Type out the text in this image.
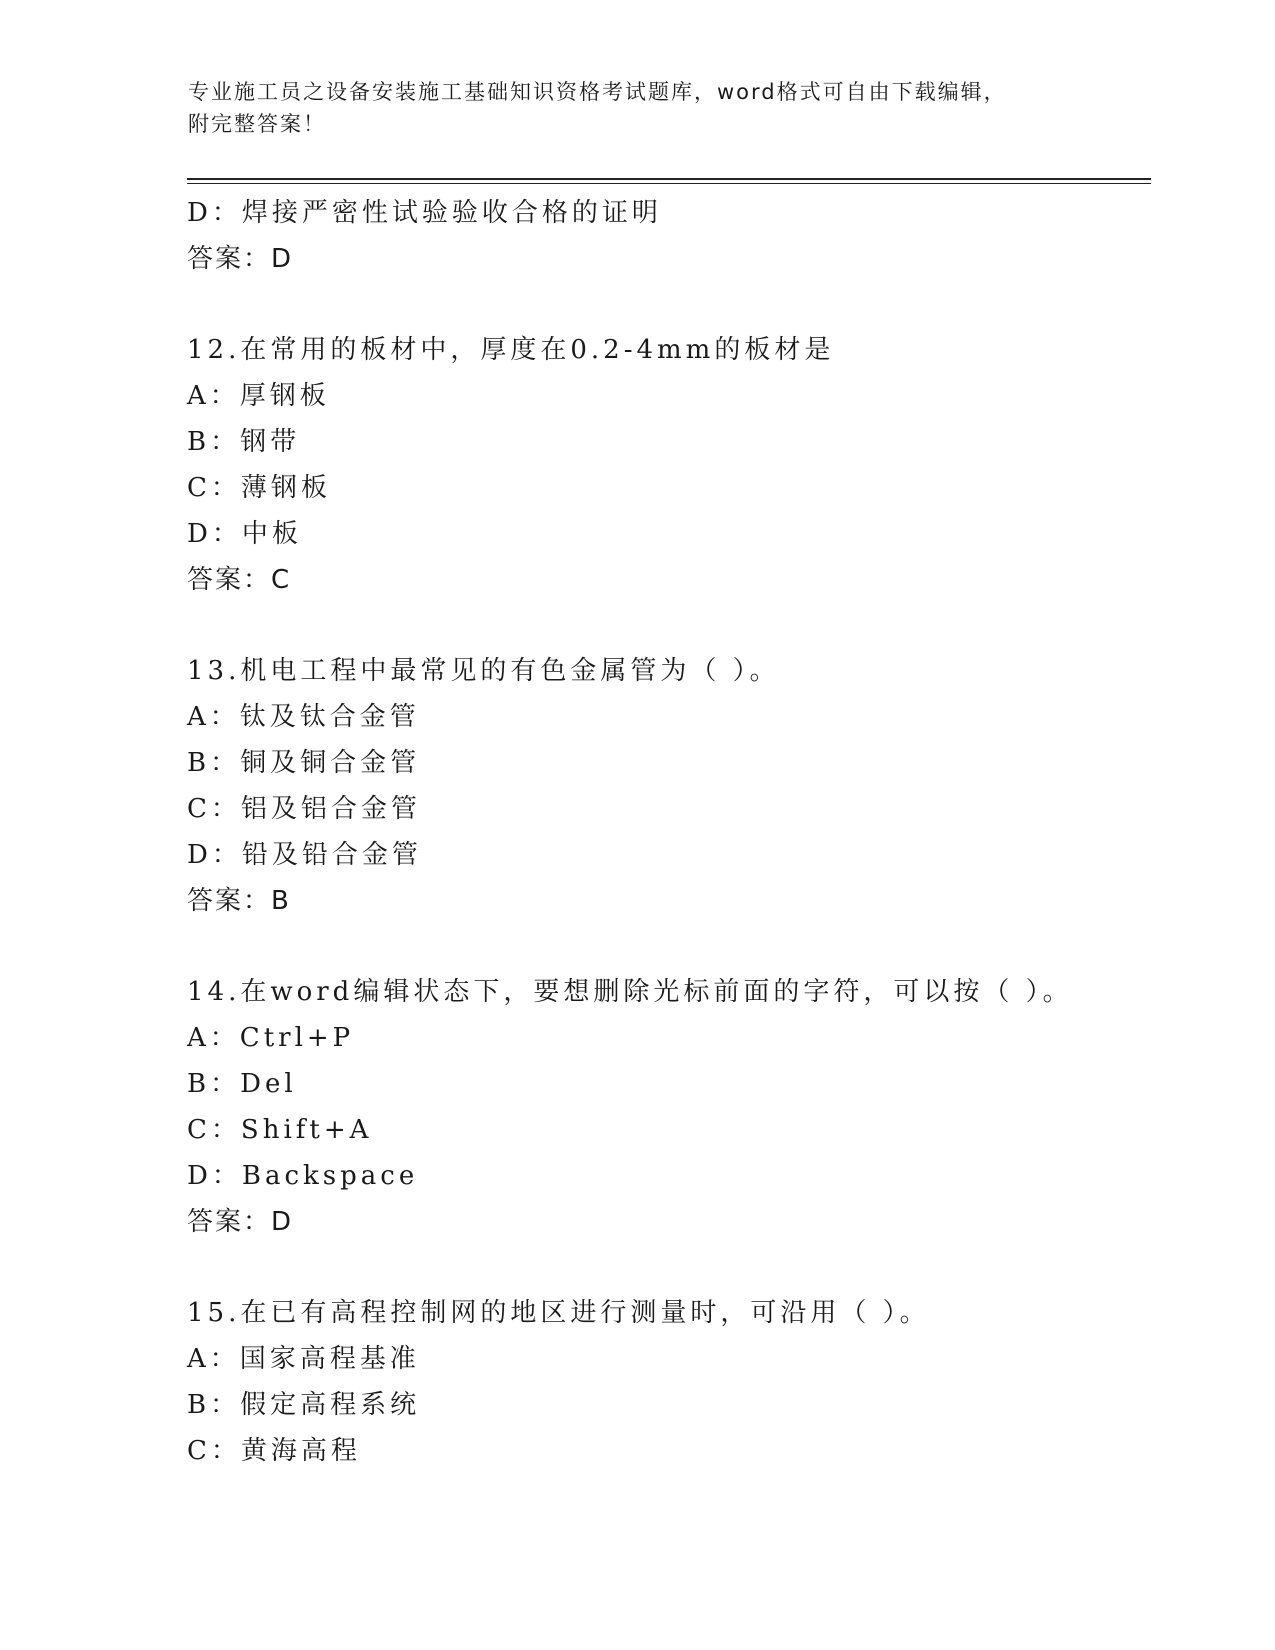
专业施工员之设备安装施工基础知识资格考试题库，word格式可自由下载编辑，
附完整答案！
D：焊接严密性试验验收合格的证明
答案：D
12.在常用的板材中，厚度在0.2-4mm的板材是
A：厚钢板
B：钢带
C：薄钢板
D：中板
答案：C
13.机电工程中最常见的有色金属管为（ ）。
A：钛及钛合金管
B：铜及铜合金管
C：铝及铝合金管
D：铅及铅合金管
答案：B
14.在word编辑状态下，要想删除光标前面的字符，可以按（ ）。
A：Ctrl+P
B：Del
C：Shift+A
D：Backspace
答案：D
15.在已有高程控制网的地区进行测量时，可沿用（ ）。
A：国家高程基准
B：假定高程系统
C：黄海高程
